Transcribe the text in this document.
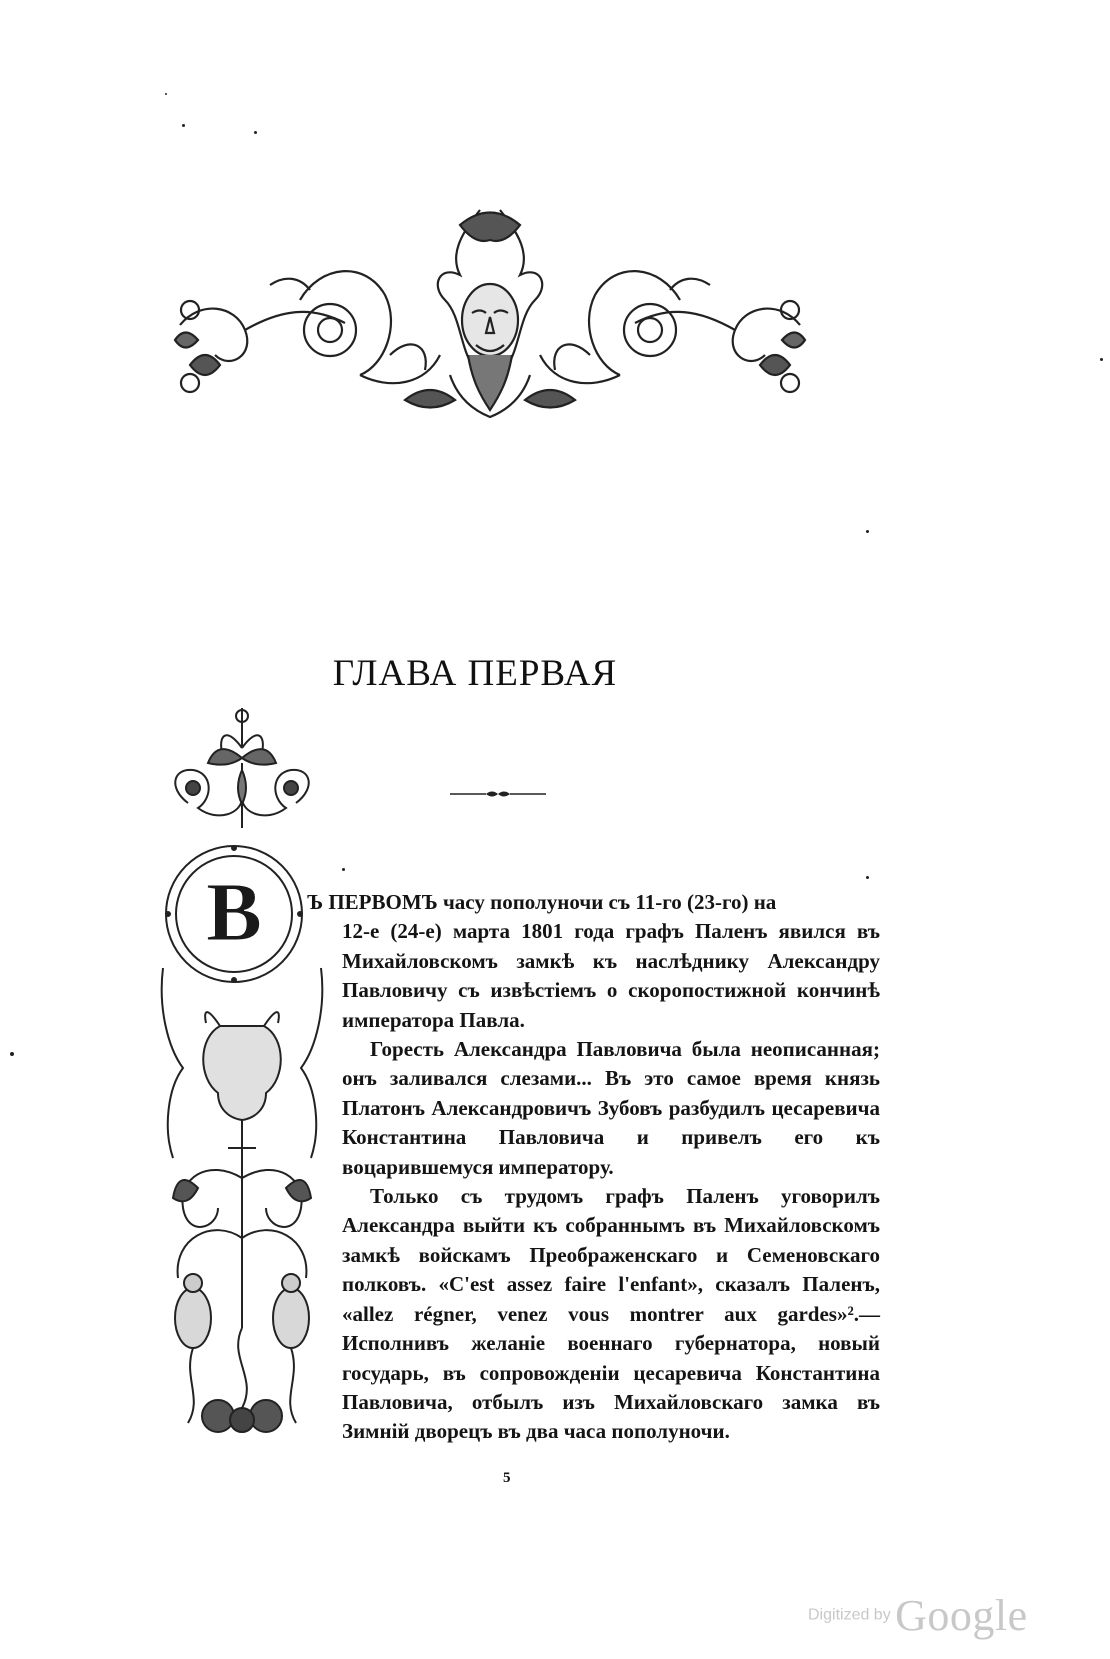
ГЛАВА ПЕРВАЯ
В Ъ ПЕРВОМЪ часу пополуночи съ 11-го (23-го) на

12-е (24-е) марта 1801 года графъ Паленъ явился въ Михайловскомъ замкѣ къ наслѣднику Александру Павловичу съ извѣстіемъ о скоропостижной кончинѣ императора Павла.

Горесть Александра Павловича была неописанная; онъ заливался слезами... Въ это самое время князь Платонъ Александровичъ Зубовъ разбудилъ цесаревича Константина Павловича и привелъ его къ воцарившемуся императору.

Только съ трудомъ графъ Паленъ уговорилъ Александра выйти къ собраннымъ въ Михайловскомъ замкѣ войскамъ Преображенскаго и Семеновскаго полковъ. «C'est assez faire l'enfant», сказалъ Паленъ, «allez régner, venez vous montrer aux gardes»².—Исполнивъ желаніе военнаго губернатора, новый государь, въ сопровожденіи цесаревича Константина Павловича, отбылъ изъ Михайловскаго замка въ Зимній дворецъ въ два часа пополуночи.

5
Digitized by Google
